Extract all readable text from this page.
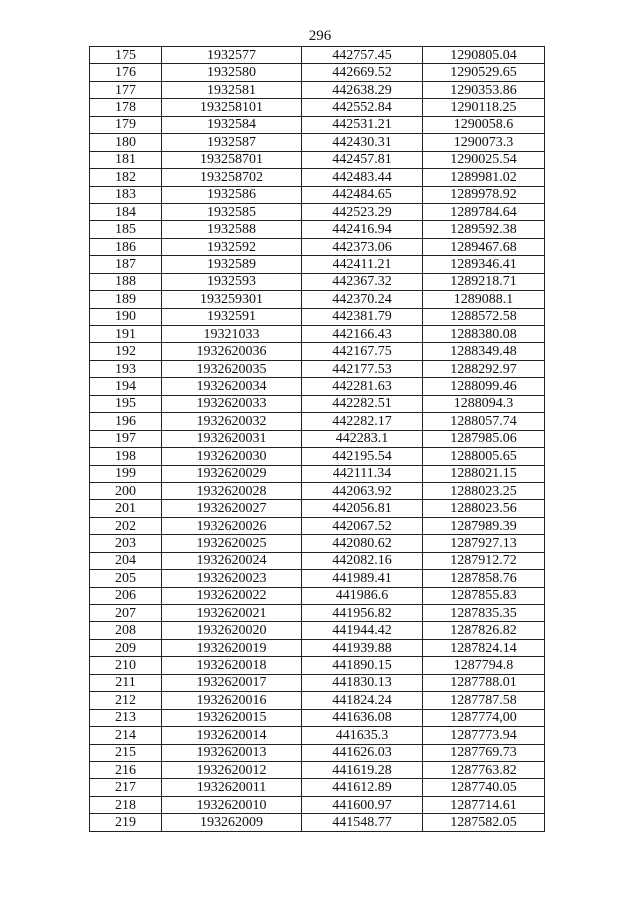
296
175	1932577	442757.45	1290805.04
176	1932580	442669.52	1290529.65
177	1932581	442638.29	1290353.86
178	193258101	442552.84	1290118.25
179	1932584	442531.21	1290058.6
180	1932587	442430.31	1290073.3
181	193258701	442457.81	1290025.54
182	193258702	442483.44	1289981.02
183	1932586	442484.65	1289978.92
184	1932585	442523.29	1289784.64
185	1932588	442416.94	1289592.38
186	1932592	442373.06	1289467.68
187	1932589	442411.21	1289346.41
188	1932593	442367.32	1289218.71
189	193259301	442370.24	1289088.1
190	1932591	442381.79	1288572.58
191	19321033	442166.43	1288380.08
192	1932620036	442167.75	1288349.48
193	1932620035	442177.53	1288292.97
194	1932620034	442281.63	1288099.46
195	1932620033	442282.51	1288094.3
196	1932620032	442282.17	1288057.74
197	1932620031	442283.1	1287985.06
198	1932620030	442195.54	1288005.65
199	1932620029	442111.34	1288021.15
200	1932620028	442063.92	1288023.25
201	1932620027	442056.81	1288023.56
202	1932620026	442067.52	1287989.39
203	1932620025	442080.62	1287927.13
204	1932620024	442082.16	1287912.72
205	1932620023	441989.41	1287858.76
206	1932620022	441986.6	1287855.83
207	1932620021	441956.82	1287835.35
208	1932620020	441944.42	1287826.82
209	1932620019	441939.88	1287824.14
210	1932620018	441890.15	1287794.8
211	1932620017	441830.13	1287788.01
212	1932620016	441824.24	1287787.58
213	1932620015	441636.08	1287774,00
214	1932620014	441635.3	1287773.94
215	1932620013	441626.03	1287769.73
216	1932620012	441619.28	1287763.82
217	1932620011	441612.89	1287740.05
218	1932620010	441600.97	1287714.61
219	193262009	441548.77	1287582.05
